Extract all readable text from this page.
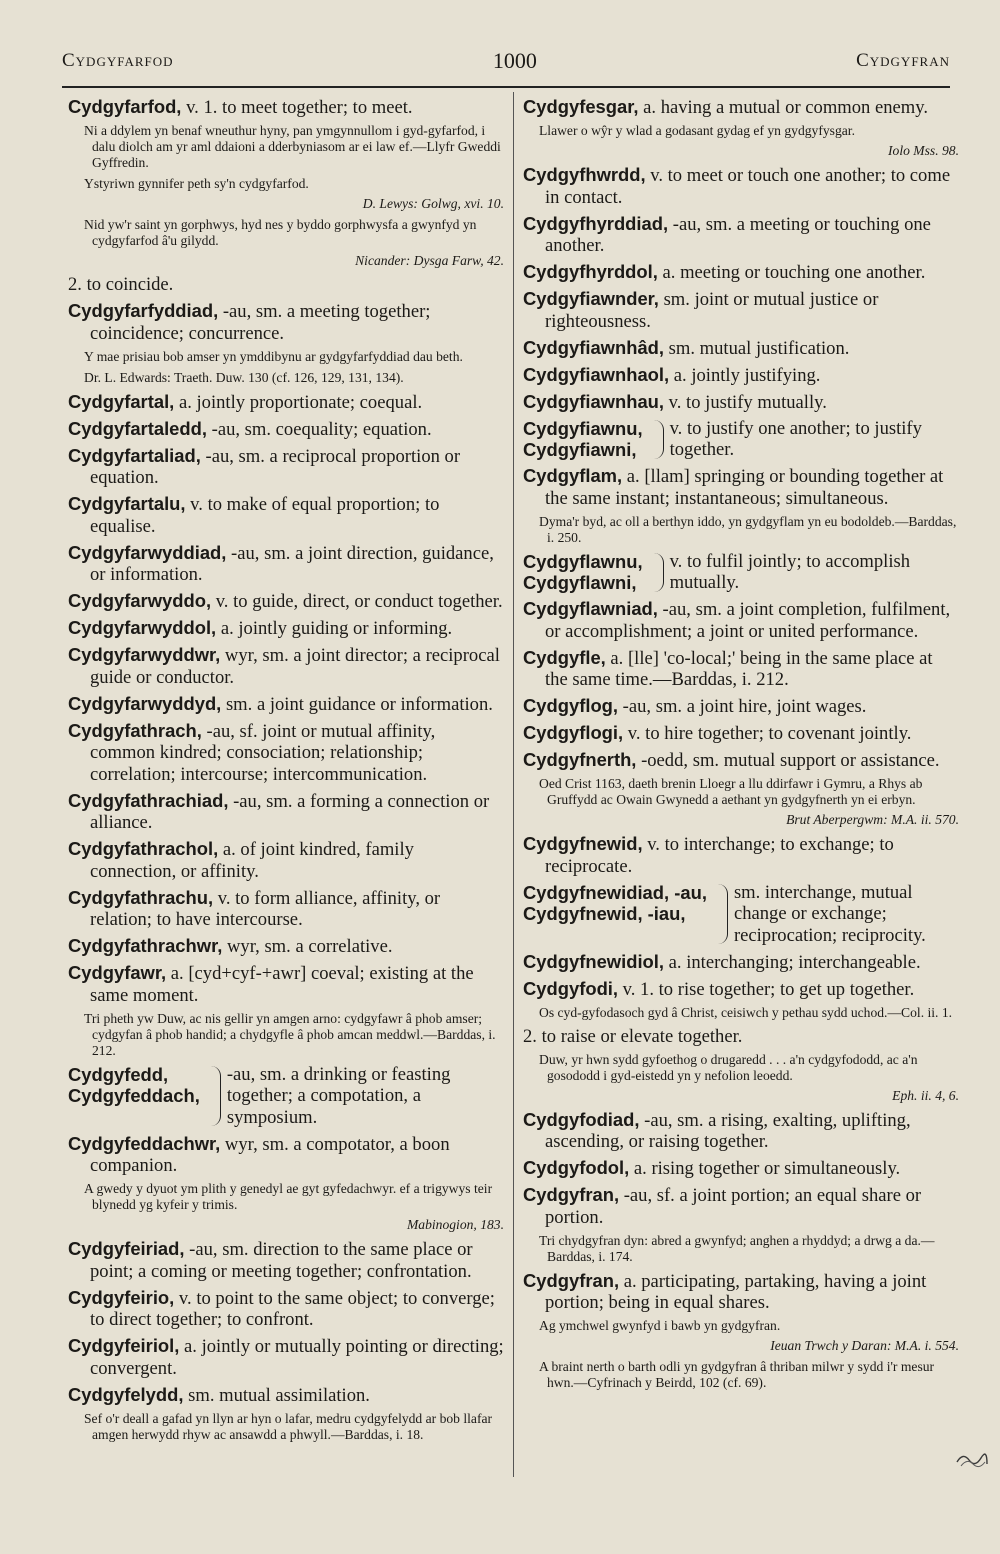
Cydgyfarfod	1000	Cydgyfran

Cydgyfarfod, v. 1. to meet together; to meet.

Ni a ddylem yn benaf wneuthur hyny, pan ymgynnullom i gyd-gyfarfod, i dalu diolch am yr aml ddaioni a dderbyniasom ar ei law ef.—Llyfr Gweddi Gyffredin.

Ystyriwn gynnifer peth sy'n cydgyfarfod.

D. Lewys: Golwg, xvi. 10.

Nid yw'r saint yn gorphwys, hyd nes y byddo gorphwysfa a gwynfyd yn cydgyfarfod â'u gilydd.

Nicander: Dysga Farw, 42.

2. to coincide.

Cydgyfarfyddiad, -au, sm. a meeting together; coincidence; concurrence.

Y mae prisiau bob amser yn ymddibynu ar gydgyfarfyddiad dau beth.

Dr. L. Edwards: Traeth. Duw. 130 (cf. 126, 129, 131, 134).

Cydgyfartal, a. jointly proportionate; coequal.

Cydgyfartaledd, -au, sm. coequality; equation.

Cydgyfartaliad, -au, sm. a reciprocal proportion or equation.

Cydgyfartalu, v. to make of equal proportion; to equalise.

Cydgyfarwyddiad, -au, sm. a joint direction, guidance, or information.

Cydgyfarwyddo, v. to guide, direct, or conduct together.

Cydgyfarwyddol, a. jointly guiding or informing.

Cydgyfarwyddwr, wyr, sm. a joint director; a reciprocal guide or conductor.

Cydgyfarwyddyd, sm. a joint guidance or information.

Cydgyfathrach, -au, sf. joint or mutual affinity, common kindred; consociation; relationship; correlation; intercourse; intercommunication.

Cydgyfathrachiad, -au, sm. a forming a connection or alliance.

Cydgyfathrachol, a. of joint kindred, family connection, or affinity.

Cydgyfathrachu, v. to form alliance, affinity, or relation; to have intercourse.

Cydgyfathrachwr, wyr, sm. a correlative.

Cydgyfawr, a. [cyd+cyf-+awr] coeval; existing at the same moment.

Tri pheth yw Duw, ac nis gellir yn amgen arno: cydgyfawr â phob amser; cydgyfan â phob handid; a chydgyfle â phob amcan meddwl.—Barddas, i. 212.

Cydgyfedd,
Cydgyfeddach,
-au, sm. a drinking or feasting together; a compotation, a symposium.

Cydgyfeddachwr, wyr, sm. a compotator, a boon companion.

A gwedy y dyuot ym plith y genedyl ae gyt gyfedachwyr. ef a trigywys teir blynedd yg kyfeir y trimis.

Mabinogion, 183.

Cydgyfeiriad, -au, sm. direction to the same place or point; a coming or meeting together; confrontation.

Cydgyfeirio, v. to point to the same object; to converge; to direct together; to confront.

Cydgyfeiriol, a. jointly or mutually pointing or directing; convergent.

Cydgyfelydd, sm. mutual assimilation.

Sef o'r deall a gafad yn llyn ar hyn o lafar, medru cydgyfelydd ar bob llafar amgen herwydd rhyw ac ansawdd a phwyll.—Barddas, i. 18.

Cydgyfesgar, a. having a mutual or common enemy.

Llawer o wŷr y wlad a godasant gydag ef yn gydgyfysgar.

Iolo Mss. 98.

Cydgyfhwrdd, v. to meet or touch one another; to come in contact.

Cydgyfhyrddiad, -au, sm. a meeting or touching one another.

Cydgyfhyrddol, a. meeting or touching one another.

Cydgyfiawnder, sm. joint or mutual justice or righteousness.

Cydgyfiawnhâd, sm. mutual justification.

Cydgyfiawnhaol, a. jointly justifying.

Cydgyfiawnhau, v. to justify mutually.

Cydgyfiawnu,
Cydgyfiawni,
v. to justify one another; to justify together.

Cydgyflam, a. [llam] springing or bounding together at the same instant; instantaneous; simultaneous.

Dyma'r byd, ac oll a berthyn iddo, yn gydgyflam yn eu bodoldeb.—Barddas, i. 250.

Cydgyflawnu,
Cydgyflawni,
v. to fulfil jointly; to accomplish mutually.

Cydgyflawniad, -au, sm. a joint completion, fulfilment, or accomplishment; a joint or united performance.

Cydgyfle, a. [lle] 'co-local;' being in the same place at the same time.—Barddas, i. 212.

Cydgyflog, -au, sm. a joint hire, joint wages.

Cydgyflogi, v. to hire together; to covenant jointly.

Cydgyfnerth, -oedd, sm. mutual support or assistance.

Oed Crist 1163, daeth brenin Lloegr a llu ddirfawr i Gymru, a Rhys ab Gruffydd ac Owain Gwynedd a aethant yn gydgyfnerth yn ei erbyn.

Brut Aberpergwm: M.A. ii. 570.

Cydgyfnewid, v. to interchange; to exchange; to reciprocate.

Cydgyfnewidiad, -au,
Cydgyfnewid, -iau,
sm. interchange, mutual change or exchange; reciprocation; reciprocity.

Cydgyfnewidiol, a. interchanging; interchangeable.

Cydgyfodi, v. 1. to rise together; to get up together.

Os cyd-gyfodasoch gyd â Christ, ceisiwch y pethau sydd uchod.—Col. ii. 1.

2. to raise or elevate together.

Duw, yr hwn sydd gyfoethog o drugaredd . . . a'n cydgyfododd, ac a'n gosododd i gyd-eistedd yn y nefolion leoedd.

Eph. ii. 4, 6.

Cydgyfodiad, -au, sm. a rising, exalting, uplifting, ascending, or raising together.

Cydgyfodol, a. rising together or simultaneously.

Cydgyfran, -au, sf. a joint portion; an equal share or portion.

Tri chydgyfran dyn: abred a gwynfyd; anghen a rhyddyd; a drwg a da.—Barddas, i. 174.

Cydgyfran, a. participating, partaking, having a joint portion; being in equal shares.

Ag ymchwel gwynfyd i bawb yn gydgyfran.

Ieuan Trwch y Daran: M.A. i. 554.

A braint nerth o barth odli yn gydgyfran â thriban milwr y sydd i'r mesur hwn.—Cyfrinach y Beirdd, 102 (cf. 69).
